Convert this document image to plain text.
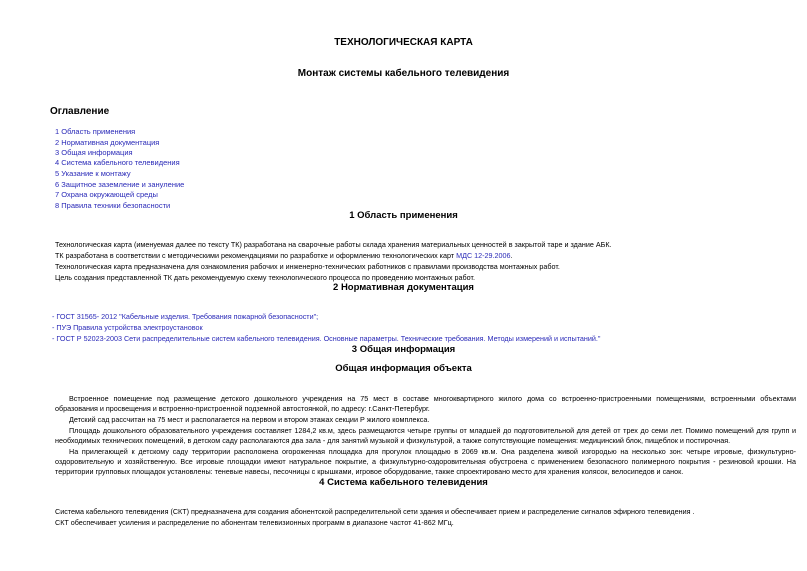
ТЕХНОЛОГИЧЕСКАЯ КАРТА
Монтаж системы кабельного телевидения
Оглавление
1 Область применения
2 Нормативная документация
3 Общая информация
4 Система кабельного телевидения
5 Указание к монтажу
6 Защитное заземление и зануление
7 Охрана окружающей среды
8 Правила техники безопасности
1 Область применения
Технологическая карта (именуемая далее по тексту ТК) разработана на сварочные работы склада хранения материальных ценностей в закрытой таре и здание АБК.
ТК разработана в соответствии с методическими рекомендациями по разработке и оформлению технологических карт МДС 12-29.2006.
Технологическая карта предназначена для ознакомления рабочих и инженерно-технических работников с правилами производства монтажных работ.
Цель создания представленной ТК дать рекомендуемую схему технологического процесса по проведению монтажных работ.
2 Нормативная документация
- ГОСТ 31565- 2012 "Кабельные изделия. Требования пожарной безопасности";
- ПУЭ Правила устройства электроустановок
- ГОСТ Р 52023-2003 Сети распределительные систем кабельного телевидения. Основные параметры. Технические требования. Методы измерений и испытаний."
3 Общая информация
Общая информация объекта
Встроенное помещение под размещение детского дошкольного учреждения на 75 мест в составе многоквартирного жилого дома со встроенно-пристроенными помещениями, встроенными объектами
образования и просвещения и встроенно-пристроенной подземной автостоянкой, по адресу: г.Санкт-Петербург.
Детский сад рассчитан на 75 мест и располагается на первом и втором этажах секции Р жилого комплекса.
Площадь дошкольного образовательного учреждения составляет 1284,2 кв.м, здесь размещаются четыре группы от младшей до подготовительной для детей от трех до семи лет. Помимо помещений для групп и
необходимых технических помещений, в детском саду располагаются два зала - для занятий музыкой и физкультурой, а также сопутствующие помещения: медицинский блок, пищеблок и постирочная.
На прилегающей к детскому саду территории расположена огороженная площадка для прогулок площадью в 2069 кв.м. Она разделена живой изгородью на несколько зон: четыре игровые, физкультурно-
оздоровительную и хозяйственную. Все игровые площадки имеют натуральное покрытие, а физкультурно-оздоровительная обустроена с применением безопасного полимерного покрытия - резиновой крошки. На
территории групповых площадок установлены: теневые навесы, песочницы с крышками, игровое оборудование, также спроектировано место для хранения колясок, велосипедов и санок.
4 Система кабельного телевидения
Система кабельного телевидения (СКТ) предназначена для создания абонентской распределительной сети здания и обеспечивает прием и распределение сигналов эфирного телевидения .
СКТ обеспечивает усиления и распределение по абонентам телевизионных программ в диапазоне частот 41-862 МГц.
